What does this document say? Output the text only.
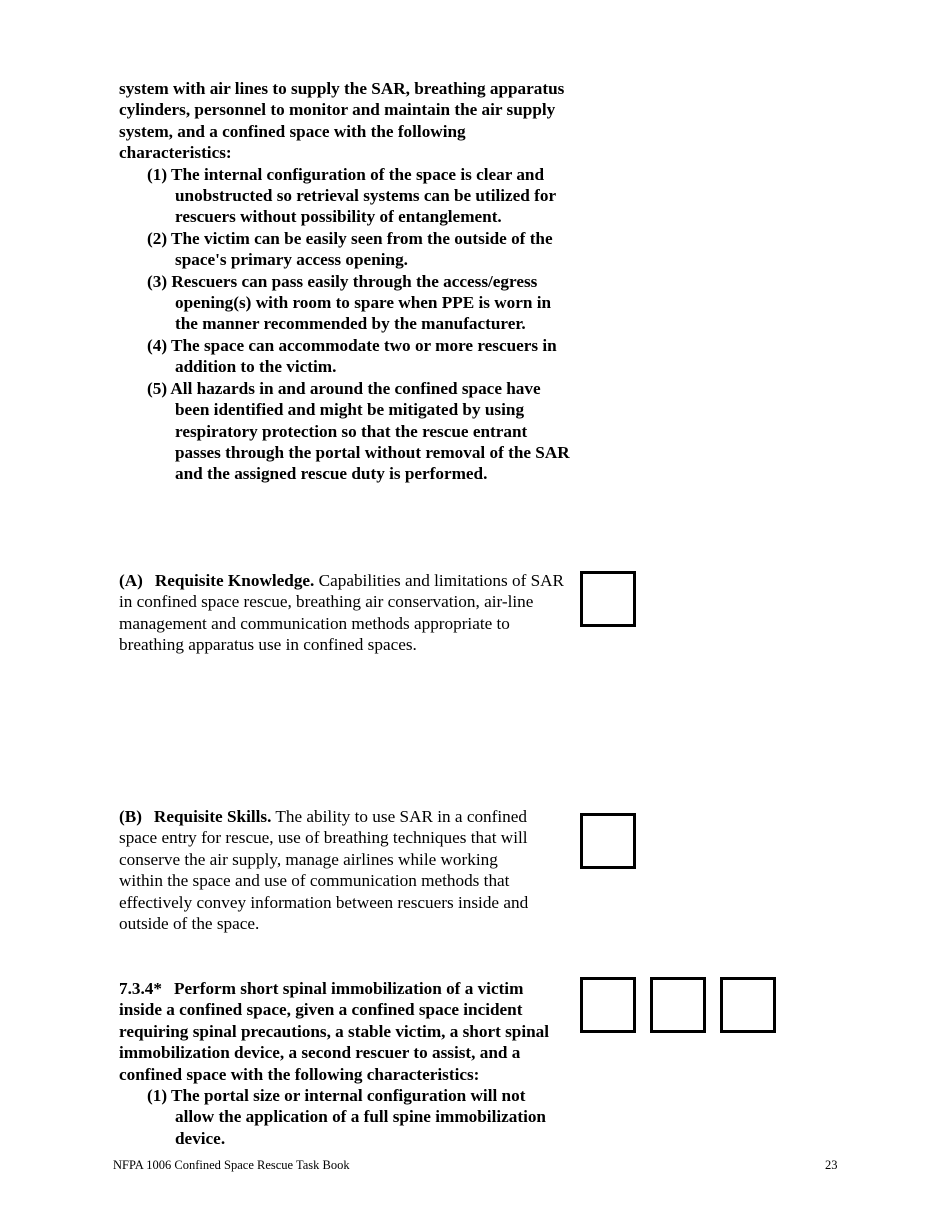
system with air lines to supply the SAR, breathing apparatus cylinders, personnel to monitor and maintain the air supply system, and a confined space with the following characteristics:

(1) The internal configuration of the space is clear and unobstructed so retrieval systems can be utilized for rescuers without possibility of entanglement.
(2) The victim can be easily seen from the outside of the space's primary access opening.
(3) Rescuers can pass easily through the access/egress opening(s) with room to spare when PPE is worn in the manner recommended by the manufacturer.
(4) The space can accommodate two or more rescuers in addition to the victim.
(5) All hazards in and around the confined space have been identified and might be mitigated by using respiratory protection so that the rescue entrant passes through the portal without removal of the SAR and the assigned rescue duty is performed.

(A) Requisite Knowledge. Capabilities and limitations of SAR in confined space rescue, breathing air conservation, air-line management and communication methods appropriate to breathing apparatus use in confined spaces.

(B) Requisite Skills. The ability to use SAR in a confined space entry for rescue, use of breathing techniques that will conserve the air supply, manage airlines while working within the space and use of communication methods that effectively convey information between rescuers inside and outside of the space.

7.3.4* Perform short spinal immobilization of a victim inside a confined space, given a confined space incident requiring spinal precautions, a stable victim, a short spinal immobilization device, a second rescuer to assist, and a confined space with the following characteristics:

(1) The portal size or internal configuration will not allow the application of a full spine immobilization device.
NFPA 1006 Confined Space Rescue Task Book	23
